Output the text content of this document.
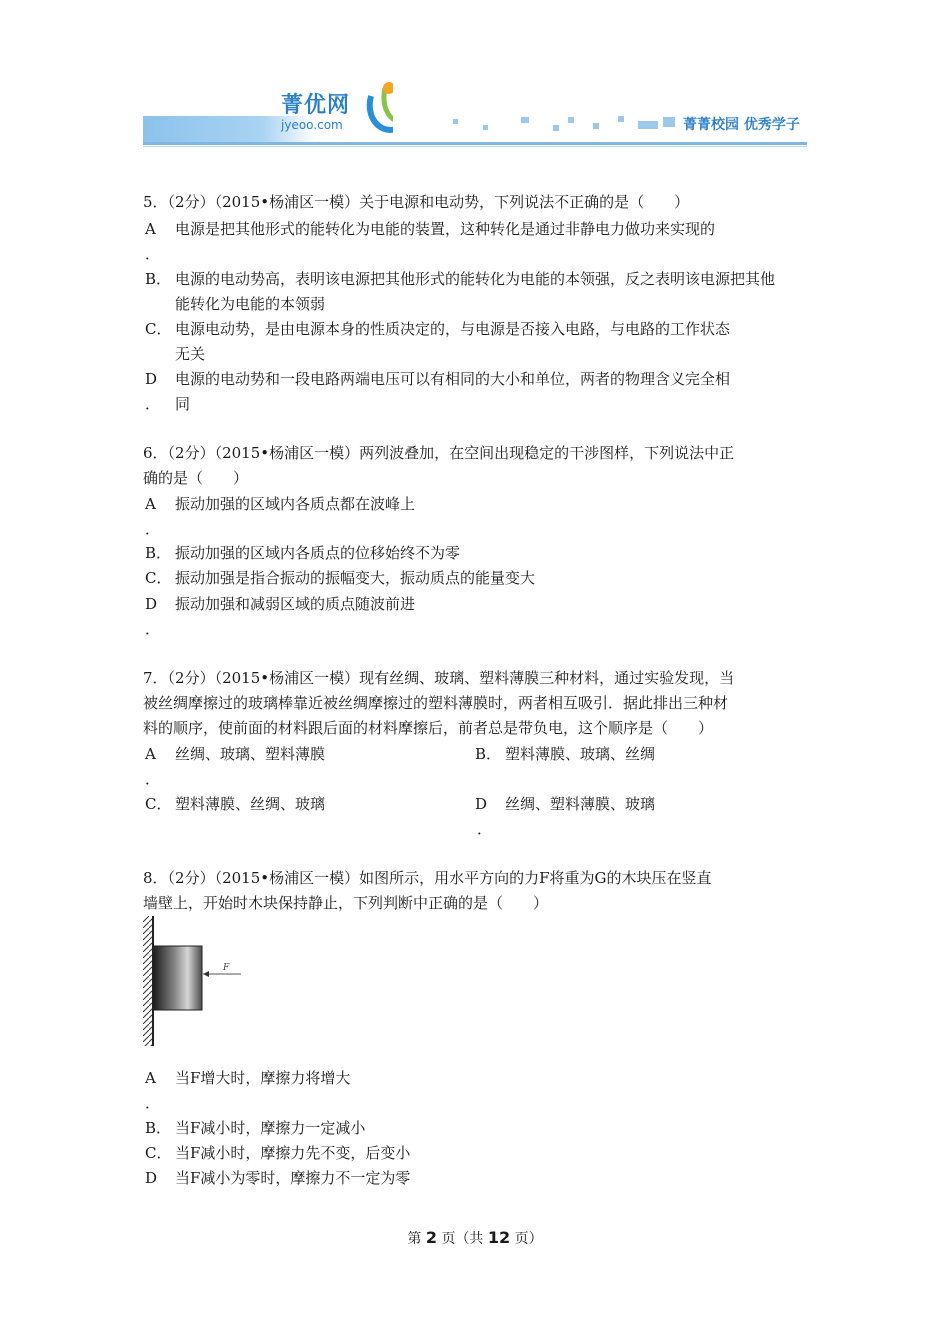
菁优网
jyeoo.com	菁菁校园 优秀学子
5．（2分）（2015•杨浦区一模）关于电源和电动势，下列说法不正确的是（　　）
A 电源是把其他形式的能转化为电能的装置，这种转化是通过非静电力做功来实现的
．
B． 电源的电动势高，表明该电源把其他形式的能转化为电能的本领强，反之表明该电源把其他
能转化为电能的本领弱
C． 电源电动势，是由电源本身的性质决定的，与电源是否接入电路，与电路的工作状态
无关
D 电源的电动势和一段电路两端电压可以有相同的大小和单位，两者的物理含义完全相
． 同
6．（2分）（2015•杨浦区一模）两列波叠加，在空间出现稳定的干涉图样，下列说法中正
确的是（　　）
A 振动加强的区域内各质点都在波峰上
．
B． 振动加强的区域内各质点的位移始终不为零
C． 振动加强是指合振动的振幅变大，振动质点的能量变大
D 振动加强和减弱区域的质点随波前进
．
7．（2分）（2015•杨浦区一模）现有丝绸、玻璃、塑料薄膜三种材料，通过实验发现，当
被丝绸摩擦过的玻璃棒靠近被丝绸摩擦过的塑料薄膜时，两者相互吸引．据此排出三种材
料的顺序，使前面的材料跟后面的材料摩擦后，前者总是带负电，这个顺序是（　　）
A 丝绸、玻璃、塑料薄膜
．
B． 塑料薄膜、玻璃、丝绸
C． 塑料薄膜、丝绸、玻璃	D 丝绸、塑料薄膜、玻璃
．
8．（2分）（2015•杨浦区一模）如图所示，用水平方向的力F将重为G的木块压在竖直
墙壁上，开始时木块保持静止，下列判断中正确的是（　　）
F
A 当F增大时，摩擦力将增大
．
B． 当F减小时，摩擦力一定减小
C． 当F减小时，摩擦力先不变，后变小
D 当F减小为零时，摩擦力不一定为零
第 2 页（共 12 页）
